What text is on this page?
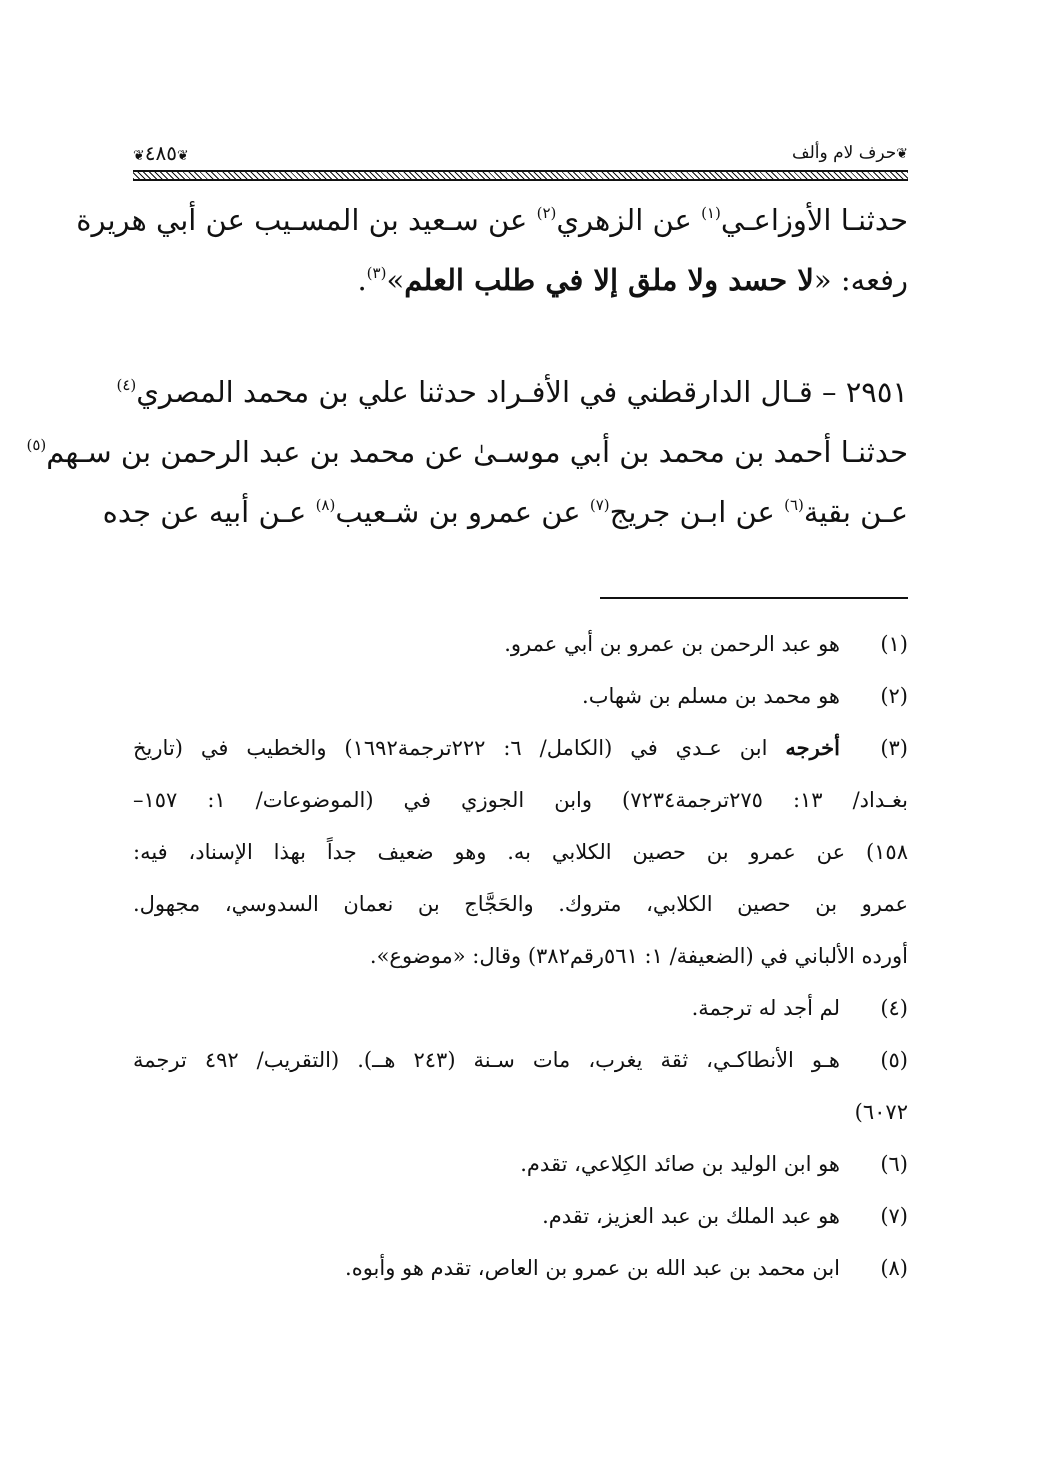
❦٤٨٥❦	❦حرف لام وألف
حدثنـا الأوزاعـي$^{(١)}$ عن الزهري$^{(٢)}$ عن سـعيد بن المسـيب عن أبي هريرة
رفعه: «لا حسد ولا ملق إلا في طلب العلم»$^{(٣)}$.
٢٩٥١ – قـال الدارقطني في الأفـراد حدثنا علي بن محمد المصري$^{(٤)}$
حدثنـا أحمد بن محمد بن أبي موسـىٰ عن محمد بن عبد الرحمن بن سـهم$^{(٥)}$
عـن بقية$^{(٦)}$ عن ابـن جريج$^{(٧)}$ عن عمرو بن شـعيب$^{(٨)}$ عـن أبيه عن جده
(١)
هو عبد الرحمن بن عمرو بن أبي عمرو.
(٢)
هو محمد بن مسلم بن شهاب.
(٣)
أخرجه ابن عـدي في (الكامل/ ٦: ٢٢٢ترجمة١٦٩٢) والخطيب في (تاريخ
بغـداد/ ١٣: ٢٧٥ترجمة٧٢٣٤) وابن الجوزي في (الموضوعات/ ١: ١٥٧–
١٥٨) عن عمرو بن حصين الكلابي به. وهو ضعيف جداً بهذا الإسناد، فيه:
عمرو بن حصين الكلابي، متروك. والحَجَّاج بن نعمان السدوسي، مجهول.
أورده الألباني في (الضعيفة/ ١: ٥٦١رقم٣٨٢) وقال: «موضوع».
(٤)
لم أجد له ترجمة.
(٥)
هـو الأنطاكـي، ثقة يغرب، مات سـنة (٢٤٣ هــ). (التقريب/ ٤٩٢ ترجمة
٦٠٧٢)
(٦)
هو ابن الوليد بن صائد الكِلاعي، تقدم.
(٧)
هو عبد الملك بن عبد العزيز، تقدم.
(٨)
ابن محمد بن عبد الله بن عمرو بن العاص، تقدم هو وأبوه.
